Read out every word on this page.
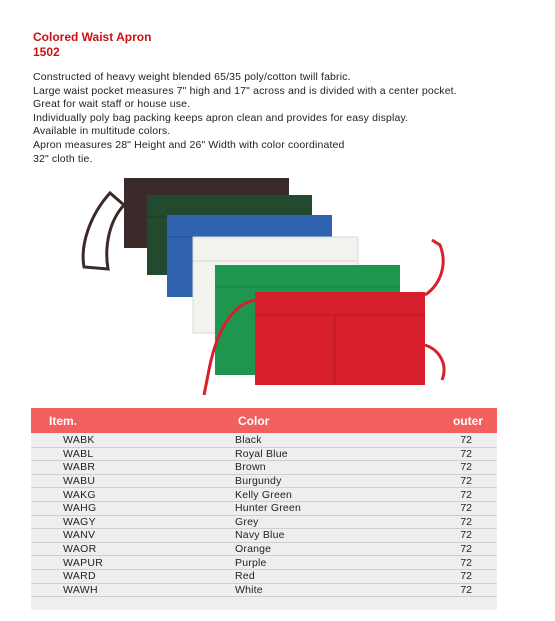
Colored Waist Apron
1502
Constructed of heavy weight blended 65/35 poly/cotton twill fabric.
Large waist pocket measures 7" high and 17" across and is divided with a center pocket.
Great for wait staff or house use.
Individually poly bag packing keeps apron clean and provides for easy display.
Available in multitude colors.
Apron measures 28" Height and 26" Width with color coordinated
32" cloth tie.
Item.	Color	outer
WABK	Black	72
WABL	Royal Blue	72
WABR	Brown	72
WABU	Burgundy	72
WAKG	Kelly Green	72
WAHG	Hunter Green	72
WAGY	Grey	72
WANV	Navy Blue	72
WAOR	Orange	72
WAPUR	Purple	72
WARD	Red	72
WAWH	White	72
